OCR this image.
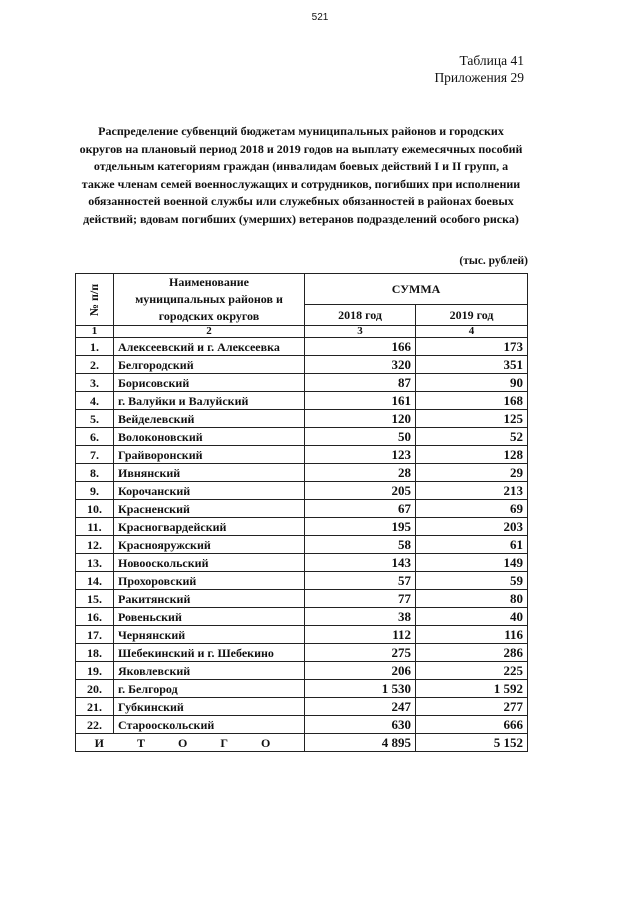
521
Таблица 41
Приложения 29
Распределение субвенций бюджетам муниципальных районов и городских
округов на плановый период 2018 и 2019 годов на выплату ежемесячных пособий
отдельным категориям граждан (инвалидам боевых действий I и II групп, а
также членам семей военнослужащих и сотрудников, погибших при исполнении
обязанностей военной службы или служебных обязанностей в районах боевых
действий; вдовам погибших (умерших) ветеранов подразделений особого риска)
(тыс. рублей)
№ п/п	Наименование муниципальных районов и городских округов	СУММА	
		2018 год	2019 год
1	2	3	4
1.	Алексеевский и г. Алексеевка	166	173
2.	Белгородский	320	351
3.	Борисовский	87	90
4.	г. Валуйки и Валуйский	161	168
5.	Вейделевский	120	125
6.	Волоконовский	50	52
7.	Грайворонский	123	128
8.	Ивнянский	28	29
9.	Корочанский	205	213
10.	Красненский	67	69
11.	Красногвардейский	195	203
12.	Краснояружский	58	61
13.	Новооскольский	143	149
14.	Прохоровский	57	59
15.	Ракитянский	77	80
16.	Ровеньский	38	40
17.	Чернянский	112	116
18.	Шебекинский и г. Шебекино	275	286
19.	Яковлевский	206	225
20.	г. Белгород	1 530	1 592
21.	Губкинский	247	277
22.	Старооскольский	630	666
И Т О Г О		4 895	5 152
